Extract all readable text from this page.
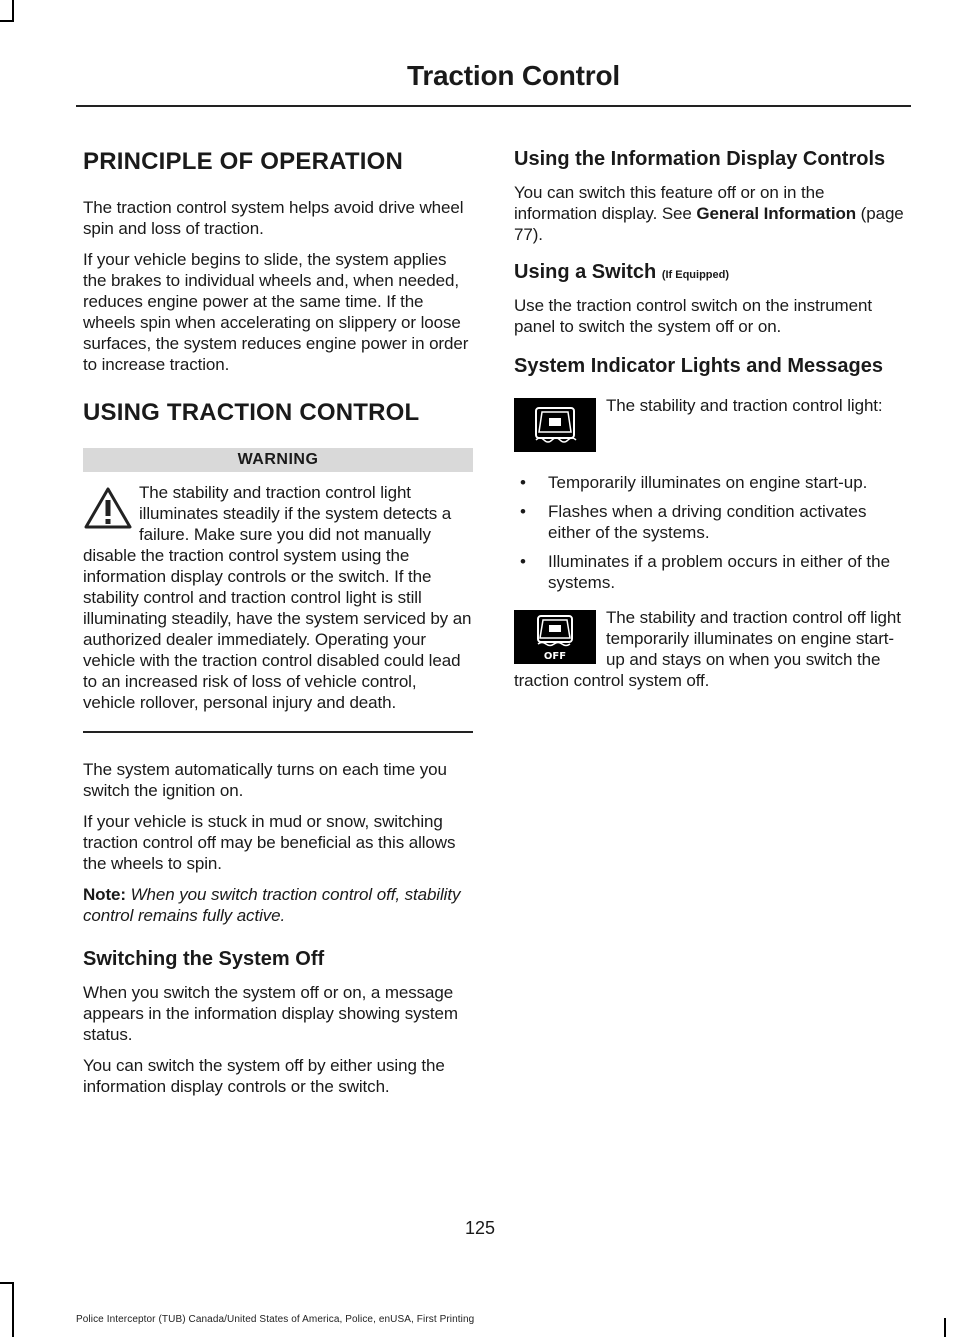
Traction Control
PRINCIPLE OF OPERATION

The traction control system helps avoid drive wheel spin and loss of traction.

If your vehicle begins to slide, the system applies the brakes to individual wheels and, when needed, reduces engine power at the same time. If the wheels spin when accelerating on slippery or loose surfaces, the system reduces engine power in order to increase traction.

USING TRACTION CONTROL
WARNING

The stability and traction control light illuminates steadily if the system detects a failure. Make sure you did not manually disable the traction control system using the information display controls or the switch. If the stability control and traction control light is still illuminating steadily, have the system serviced by an authorized dealer immediately. Operating your vehicle with the traction control disabled could lead to an increased risk of loss of vehicle control, vehicle rollover, personal injury and death.

The system automatically turns on each time you switch the ignition on.

If your vehicle is stuck in mud or snow, switching traction control off may be beneficial as this allows the wheels to spin.

Note: When you switch traction control off, stability control remains fully active.

Switching the System Off

When you switch the system off or on, a message appears in the information display showing system status.

You can switch the system off by either using the information display controls or the switch.

Using the Information Display Controls

You can switch this feature off or on in the information display. See General Information (page 77).

Using a Switch (If Equipped)

Use the traction control switch on the instrument panel to switch the system off or on.

System Indicator Lights and Messages

The stability and traction control light:

• Temporarily illuminates on engine start-up.
• Flashes when a driving condition activates either of the systems.
• Illuminates if a problem occurs in either of the systems.
OFF

The stability and traction control off light temporarily illuminates on engine start-up and stays on when you switch the traction control system off.

125
Police Interceptor (TUB) Canada/United States of America, Police, enUSA, First Printing
